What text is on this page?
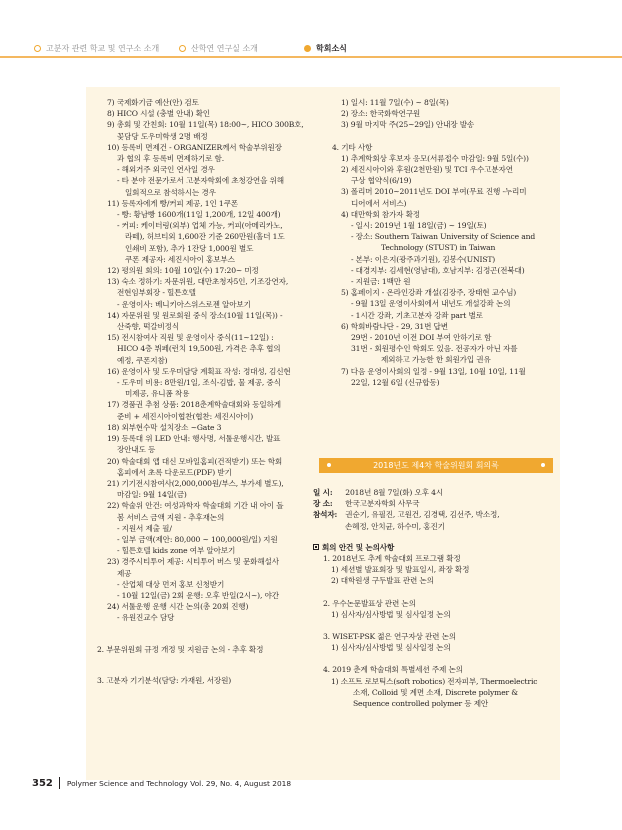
고분자 관련 학교 및 연구소 소개	산학연 연구실 소개	학회소식
7) 국제화기금 예산(안) 검토
8) HICO 시설 (충별 안내) 확인
9) 총회 및 간친회: 10월 11일(목) 18:00~, HICO 300B호,
꽃담당 도우미학생 2명 배정
10) 등록비 면제건 - ORGANIZER께서 학술부위원장
과 협의 후 등록비 면제하기로 함.
- 해외거주 외국인 연사일 경우
- 타 분야 전문가로서 고분자학회에 초청강연을 위해
일회적으로 참석하시는 경우
11) 등록자에게 빵/커피 제공, 1인 1쿠폰
- 빵: 황남빵 1600개(11일 1,200개, 12일 400개)
- 커피: 케이터링(외부) 업체 가능, 커피(아메리카노,
라떼), 허브티외 1,600잔 기준 260만원(홀더 1도
인쇄비 포함), 추가 1잔당 1,000원 별도
쿠폰 제공자: 세진시아이 홍보부스
12) 평의원 회의: 10월 10일(수) 17:20~ 미정
13) 숙소 정하기: 자문위원, 대만초청자5인, 기조강연자,
전현임부회장 - 힐튼호텔
- 운영이사: 베니키아스위스로젠 알아보기
14) 자문위원 및 원로회원 중식 장소(10월 11일(목)) -
산죽향, 떡갈비정식
15) 전시참여사 직원 및 운영이사 중식(11~12일) :
HICO 4층 뷔페(런치 19,500원, 가격은 추후 협의
예정, 쿠폰지참)
16) 운영이사 및 도우미담당 계획표 작성: 정대성, 김신현
- 도우미 비용: 8만원/1일, 조식-김밥, 물 제공, 중식
미제공, 유니폼 착용
17) 경품권 추첨 상품: 2018춘계학술대회와 동일하게
준비 + 세진시아이협찬(협찬: 세진시아이)
18) 외부현수막 설치장소 ~Gate 3
19) 등록대 위 LED 안내: 행사명, 서툴운행시간, 발표
장안내도 등
20) 학술대회 앱 대신 모바일홈피(건적받기) 또는 학회
홈피에서 초록 다운로드(PDF) 받기
21) 기기전시참여사(2,000,000원/부스, 부가세 별도),
마감일: 9월 14일(금)
22) 학술위 안건: 여성과학자 학술대회 기간 내 아이 돌
봄 서비스 금액 지원 - 추후재논의
- 지원서 제출 필/
- 일부 금액(제안: 80,000 ~ 100,000원/일) 지원
- 힐튼호텔 kids zone 여부 알아보기
23) 경주시티투어 제공: 시티투어 버스 및 문화해설사
제공
- 산업체 대상 먼저 홍보 신청받기
- 10월 12일(금) 2회 운행: 오후 반일(2시~), 야간
24) 서툴운행 운행 시간 논의(총 20회 진행)
- 유원진교수 담당
2. 부문위원회 규정 개정 및 지원금 논의 - 추후 확정
3. 고분자 기기분석(담당: 가재원, 서장원)
1) 일시: 11월 7일(수) ~ 8일(목)
2) 장소: 한국화학연구원
3) 9월 마지막 주(25~29일) 안내장 발송
4. 기타 사항
1) 추계학회상 후보자 응모(서류접수 마감일: 9월 5일(수))
2) 세진시아이와 후원(2천만원) 및 TCI 우수고분자연
구상 협약식(6/19)
3) 폴리머 2010~2011년도 DOI 부여(무료 진행 -누리미
디어에서 서비스)
4) 대만학회 참가자 확정
- 일시: 2019년 1월 18일(금) ~ 19일(토)
- 장소: Southern Taiwan University of Science and
Technology (STUST) in Taiwan
- 본부: 이은지(광주과기원), 김봉수(UNIST)
- 대경지부: 김세현(영남대), 호남지부: 김정곤(전북대)
- 지원금: 1백만 원
5) 홈페이지 - 온라인강좌 개설(김장주, 장태현 교수님)
- 9월 13일 운영이사회에서 내년도 개설강좌 논의
- 1시간 강좌, 기초고분자 강좌 part 별로
6) 학회바람나단 - 29, 31번 답변
29번 - 2010년 이전 DOI 부여 안하기로 함
31번 - 회원평수인 학회도 있음. 전공자가 아닌 자를
제외하고 가능한 한 회원가입 권유
7) 다음 운영이사회의 일정 - 9월 13일, 10월 10일, 11월
22일, 12월 6일 (신규합동)
2018년도 제4차 학술위원회 회의록
일 시: 2018년 8월 7일(화) 오후 4시
장 소: 한국고분자학회 사무국
참석자: 권순기, 유필진, 고원건, 김경택, 김선주, 박소정,
손혜정, 안치균, 하수미, 홍진기
회의 안건 및 논의사항
1. 2018년도 추계 학술대회 프로그램 확정
1) 세션별 발표회장 및 발표일시, 좌장 확정
2) 대학원생 구두발표 관련 논의
2. 우수논문발표상 관련 논의
1) 심사자/심사방법 및 심사일정 논의
3. WISET-PSK 젊은 연구자상 관련 논의
1) 심사자/심사방법 및 심사일정 논의
4. 2019 춘계 학술대회 특별세션 주제 논의
1) 소프트 로보틱스(soft robotics) 전자피부, Thermoelectric
소재, Colloid 및 계면 소재, Discrete polymer &
Sequence controlled polymer 등 제안
352 Polymer Science and Technology Vol. 29, No. 4, August 2018
